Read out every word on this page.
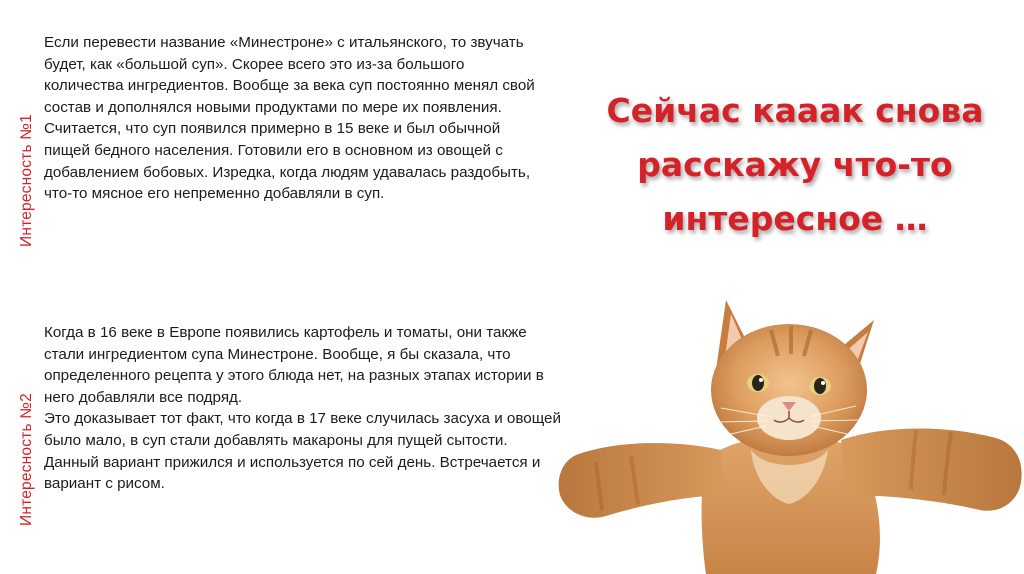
Интересность №1
Интересность №2

Если перевести название «Минестроне» с итальянского, то звучать будет, как «большой суп». Скорее всего это из-за большого количества ингредиентов. Вообще за века суп постоянно менял свой состав и дополнялся новыми продуктами по мере их появления.

Считается, что суп появился примерно в 15 веке и был обычной пищей бедного населения. Готовили его в основном из овощей с добавлением бобовых. Изредка, когда людям удавалась раздобыть, что-то мясное его непременно добавляли в суп.

Когда в 16 веке в Европе появились картофель и томаты, они также стали ингредиентом супа Минестроне. Вообще, я бы сказала, что определенного рецепта у этого блюда нет, на разных этапах истории в него добавляли все подряд.

Это доказывает тот факт, что когда в 17 веке случилась засуха и овощей было мало, в суп стали добавлять макароны для пущей сытости. Данный вариант прижился и используется по сей день. Встречается и вариант с рисом.

Сейчас кааак снова расскажу что-то интересное …
